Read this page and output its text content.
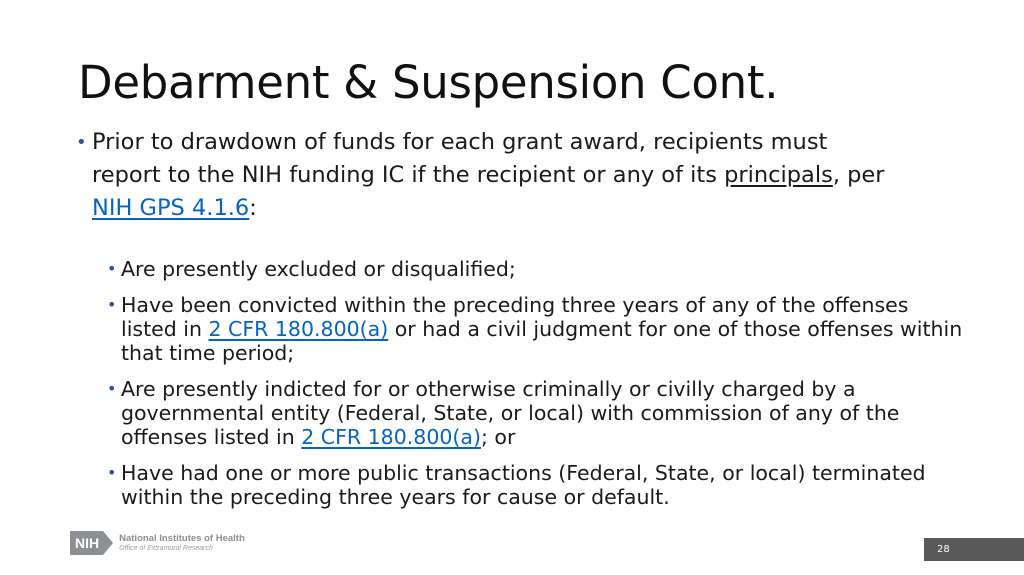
Debarment & Suspension Cont.
• Prior to drawdown of funds for each grant award, recipients must report to the NIH funding IC if the recipient or any of its principals, per NIH GPS 4.1.6:
• Are presently excluded or disqualified;
• Have been convicted within the preceding three years of any of the offenses listed in 2 CFR 180.800(a) or had a civil judgment for one of those offenses within that time period;
• Are presently indicted for or otherwise criminally or civilly charged by a governmental entity (Federal, State, or local) with commission of any of the offenses listed in 2 CFR 180.800(a); or
• Have had one or more public transactions (Federal, State, or local) terminated within the preceding three years for cause or default.
NIH	National Institutes of Health
Office of Extramural Research	28
